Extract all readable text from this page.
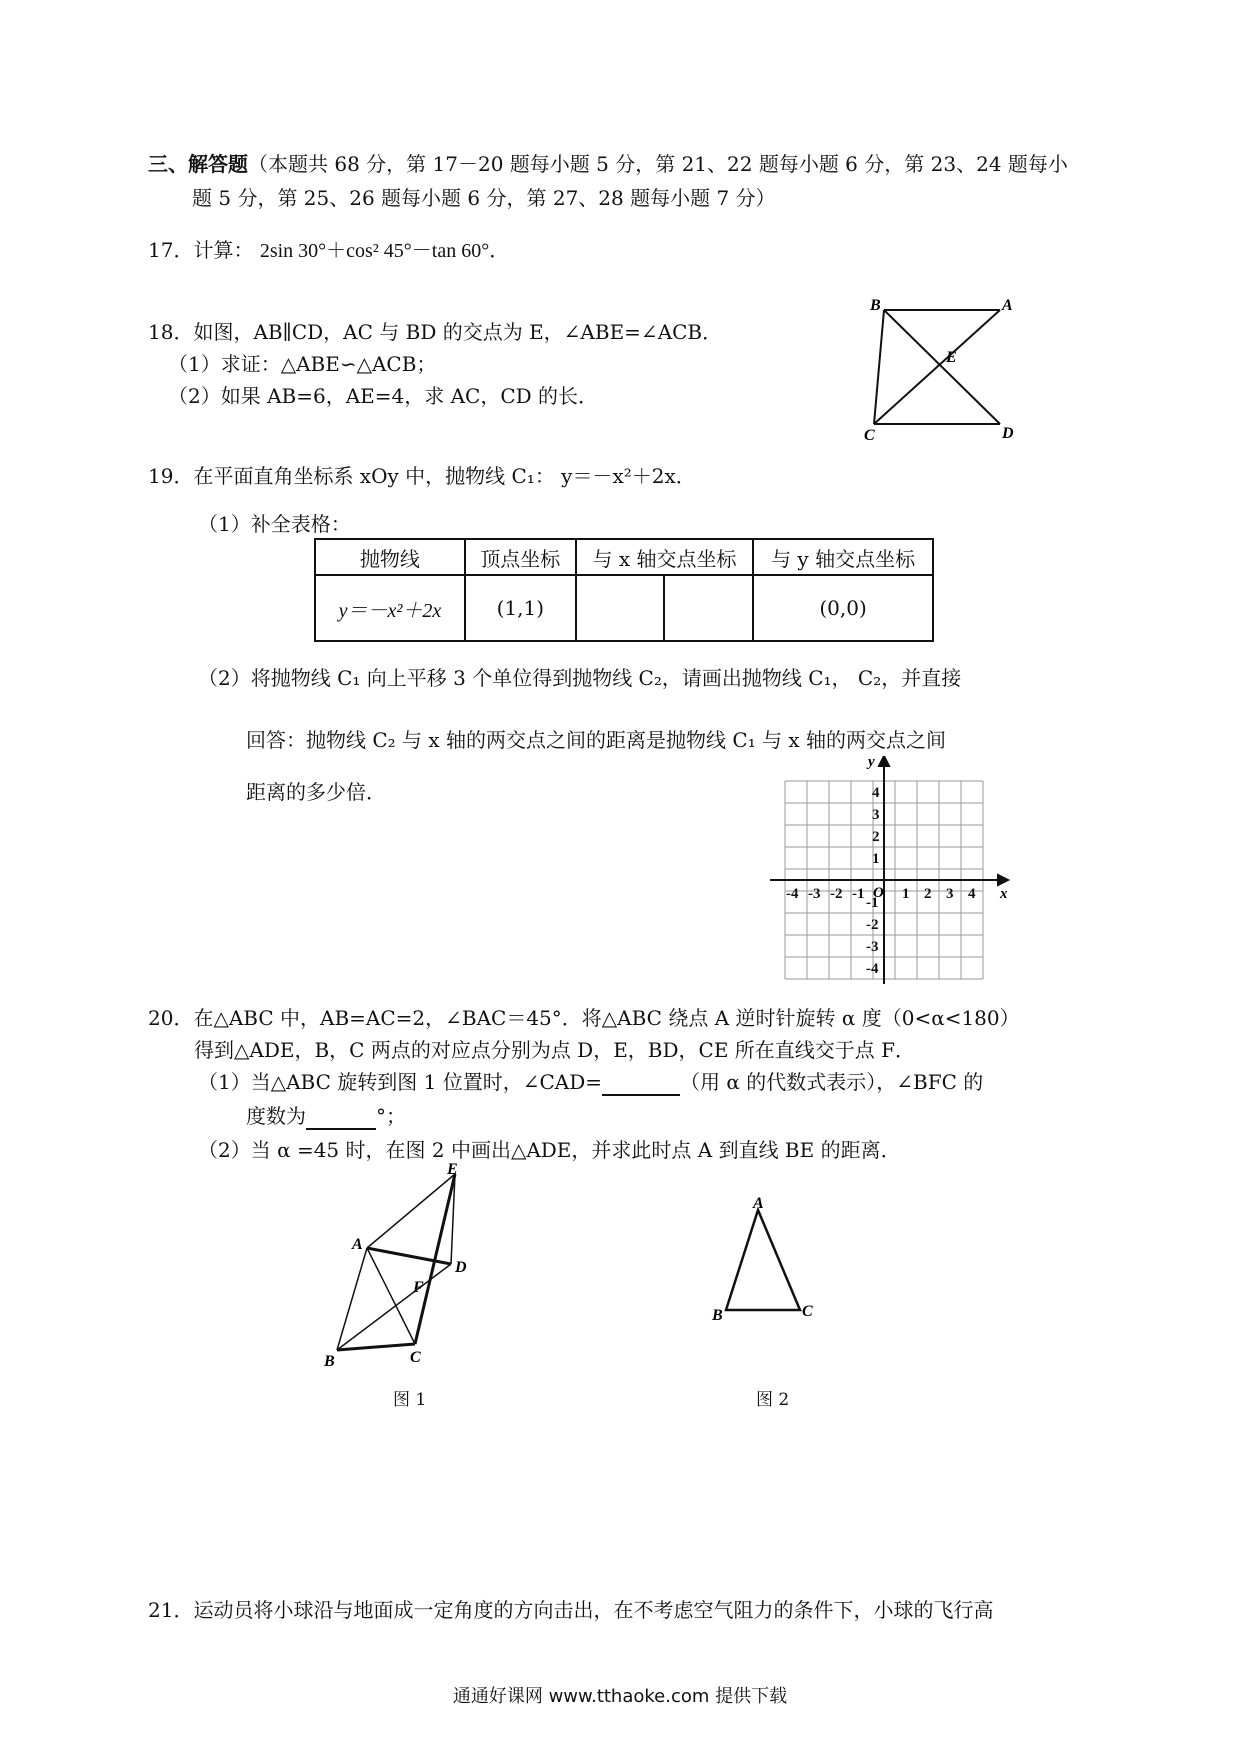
三、解答题（本题共 68 分，第 17－20 题每小题 5 分，第 21、22 题每小题 6 分，第 23、24 题每小
题 5 分，第 25、26 题每小题 6 分，第 27、28 题每小题 7 分）
17．计算： 2sin 30°＋cos² 45°－tan 60°．
18．如图，AB∥CD，AC 与 BD 的交点为 E，∠ABE=∠ACB．
（1）求证：△ABE∽△ACB；
（2）如果 AB=6，AE=4，求 AC，CD 的长．
B	A
E
C	D
19．在平面直角坐标系 xOy 中，抛物线 C₁： y＝－x²＋2x．
（1）补全表格：
抛物线	顶点坐标	与 x 轴交点坐标		与 y 轴交点坐标
y＝－x²＋2x	(1,1)			(0,0)
（2）将抛物线 C₁ 向上平移 3 个单位得到抛物线 C₂，请画出抛物线 C₁， C₂，并直接
回答：抛物线 C₂ 与 x 轴的两交点之间的距离是抛物线 C₁ 与 x 轴的两交点之间
距离的多少倍．
-4 -3 -2 -1	1 2 3 4
4
3
2
1
-1
-2
-3
-4
O	x
y
20．在△ABC 中，AB=AC=2，∠BAC＝45°．将△ABC 绕点 A 逆时针旋转 α 度（0<α<180）
得到△ADE，B，C 两点的对应点分别为点 D，E，BD，CE 所在直线交于点 F．
（1）当△ABC 旋转到图 1 位置时，∠CAD=	（用 α 的代数式表示），∠BFC 的
度数为	°；
（2）当 α =45 时，在图 2 中画出△ADE，并求此时点 A 到直线 BE 的距离．
E
A
D
F
B	C
A
B	C
图 1	图 2
21．运动员将小球沿与地面成一定角度的方向击出，在不考虑空气阻力的条件下，小球的飞行高
通通好课网 www.tthaoke.com 提供下载
